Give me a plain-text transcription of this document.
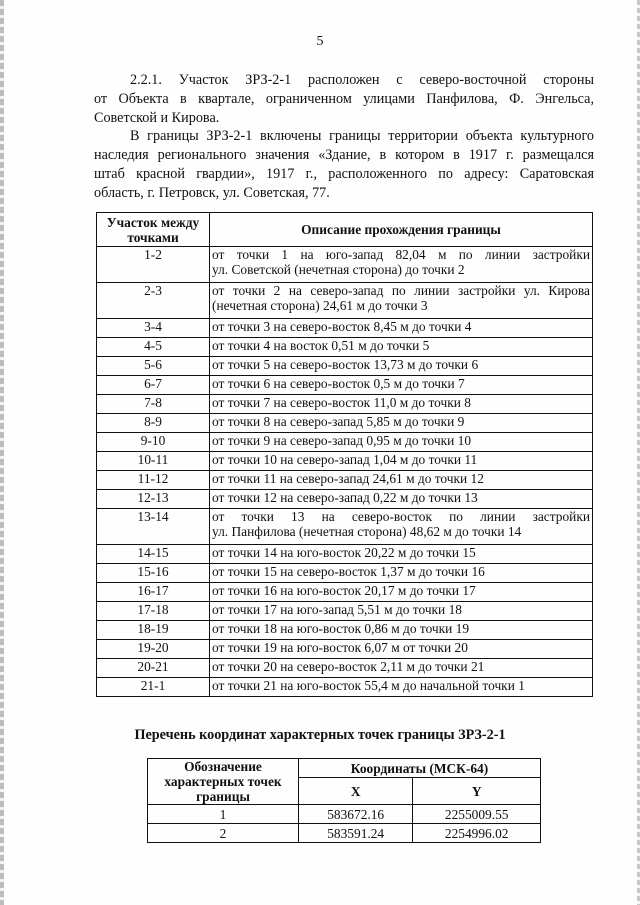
5

2.2.1. Участок ЗРЗ-2-1 расположен с северо-восточной стороны
от Объекта в квартале, ограниченном улицами Панфилова, Ф. Энгельса,
Советской и Кирова.

В границы ЗРЗ-2-1 включены границы территории объекта культурного
наследия регионального значения «Здание, в котором в 1917 г. размещался
штаб красной гвардии», 1917 г., расположенного по адресу: Саратовская
область, г. Петровск, ул. Советская, 77.

Участок между
точками	Описание прохождения границы
1-2	от точки 1 на юго-запад 82,04 м по линии застройки
ул. Советской (нечетная сторона) до точки 2

2-3	от точки 2 на северо-запад по линии застройки ул. Кирова
(нечетная сторона) 24,61 м до точки 3

3-4	от точки 3 на северо-восток 8,45 м до точки 4

4-5	от точки 4 на восток 0,51 м до точки 5

5-6	от точки 5 на северо-восток 13,73 м до точки 6

6-7	от точки 6 на северо-восток 0,5 м до точки 7

7-8	от точки 7 на северо-восток 11,0 м до точки 8

8-9	от точки 8 на северо-запад 5,85 м до точки 9

9-10	от точки 9 на северо-запад 0,95 м до точки 10

10-11	от точки 10 на северо-запад 1,04 м до точки 11

11-12	от точки 11 на северо-запад 24,61 м до точки 12

12-13	от точки 12 на северо-запад 0,22 м до точки 13

13-14	от точки 13 на северо-восток по линии застройки
ул. Панфилова (нечетная сторона) 48,62 м до точки 14

14-15	от точки 14 на юго-восток 20,22 м до точки 15

15-16	от точки 15 на северо-восток 1,37 м до точки 16

16-17	от точки 16 на юго-восток 20,17 м до точки 17

17-18	от точки 17 на юго-запад 5,51 м до точки 18

18-19	от точки 18 на юго-восток 0,86 м до точки 19

19-20	от точки 19 на юго-восток 6,07 м от точки 20

20-21	от точки 20 на северо-восток 2,11 м до точки 21

21-1	от точки 21 на юго-восток 55,4 м до начальной точки 1
Перечень координат характерных точек границы ЗРЗ-2-1
Обозначение
характерных точек
границы	Координаты (МСК-64)	
	X	Y
1	583672.16	2255009.55
2	583591.24	2254996.02
